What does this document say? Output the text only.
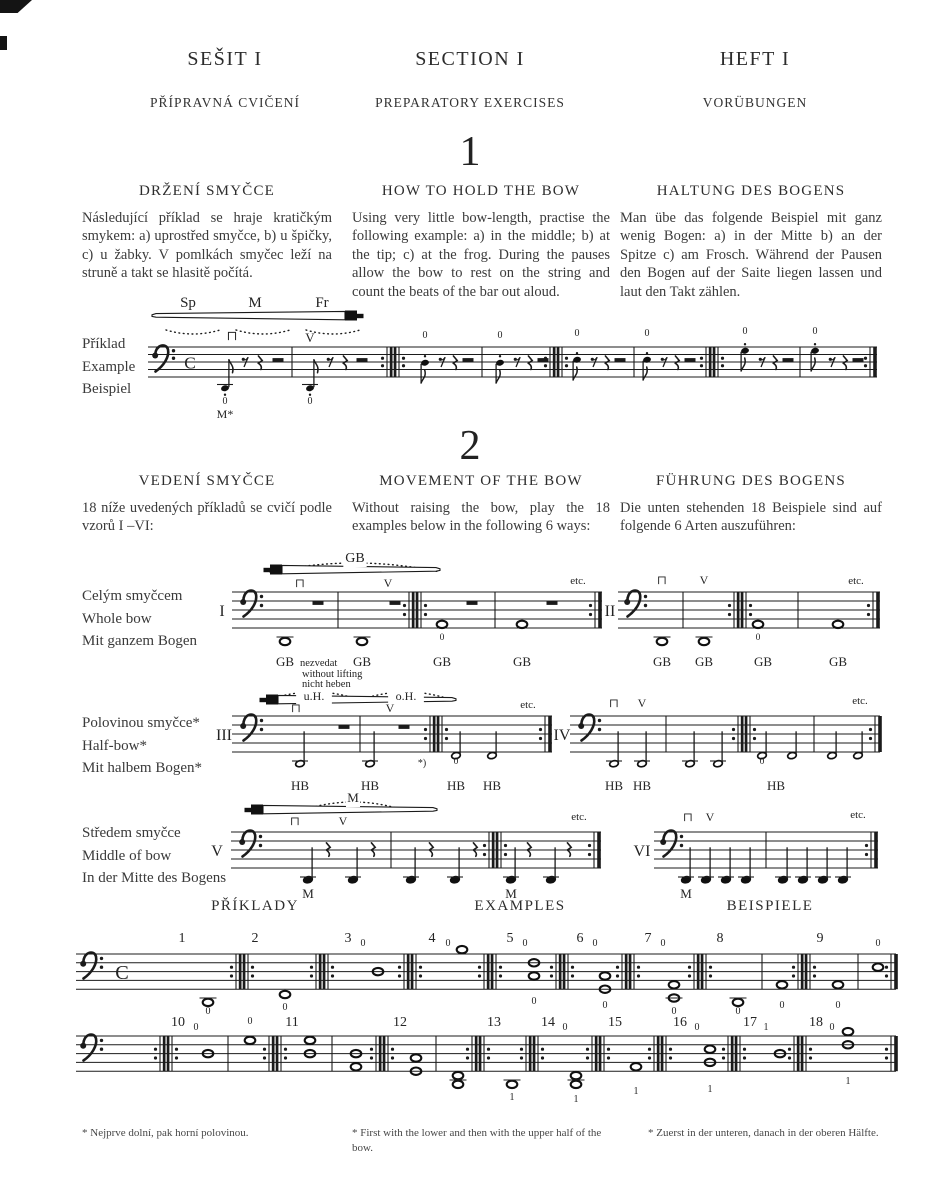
SEŠIT I
PŘÍPRAVNÁ CVIČENÍ
SECTION I
PREPARATORY EXERCISES
HEFT I
VORÜBUNGEN
1
DRŽENÍ SMYČCE
Následující příklad se hraje kratičkým smykem: a) uprostřed smyčce, b) u špičky, c) u žabky. V pomlkách smyčec leží na struně a takt se hlasitě počítá.
HOW TO HOLD THE BOW
Using very little bow-length, practise the following example: a) in the middle; b) at the tip; c) at the frog. During the pauses allow the bow to rest on the string and count the beats of the bar out aloud.
HALTUNG DES BOGENS
Man übe das folgende Beispiel mit ganz wenig Bogen: a) in der Mitte b) an der Spitze c) am Frosch. Während der Pausen den Bogen auf der Saite liegen lassen und laut den Takt zählen.
Příklad
Example
Beispiel
Sp	M	Fr
⊓	V
C
0	0
M*
0	0	0	0	0	0
2
VEDENÍ SMYČCE
18 níže uvedených příkladů se cvičí podle vzorů I –VI:
MOVEMENT OF THE BOW
Without raising the bow, play the 18 examples below in the following 6 ways:
FÜHRUNG DES BOGENS
Die unten stehenden 18 Beispiele sind auf folgende 6 Arten auszuführen:
Celým smyčcem
Whole bow
Mit ganzem Bogen
I
GB
⊓	V
0
etc.
GB nezvedat GB
without lifting
nicht heben
GB	GB
II
⊓	V
0
etc.
GB GB	GB	GB
Polovinou smyčce*
Half-bow*
Mit halbem Bogen*
III
u.H.	o.H.
⊓	V
*)	0
etc.
HB	HB	HB HB
IV
⊓ V
0
etc.
HB HB	HB
Středem smyčce
Middle of bow
In der Mitte des Bogens
V
M
⊓	V	etc.
M	M
VI
⊓ V	etc.
M
PŘÍKLADY	EXAMPLES	BEISPIELE
C
1
0
2
0
3 0	4 0	5 0
0
6 0
0
7 0
0
8
0
0
9
0
0
10 0
0 11	12	13
1
14 0
1
15
1
16 0
1
17 1	18 0
1
* Nejprve dolní, pak horní polovinou.	* First with the lower and then with the upper half of the bow.
* Zuerst in der unteren, danach in der oberen Hälfte.
